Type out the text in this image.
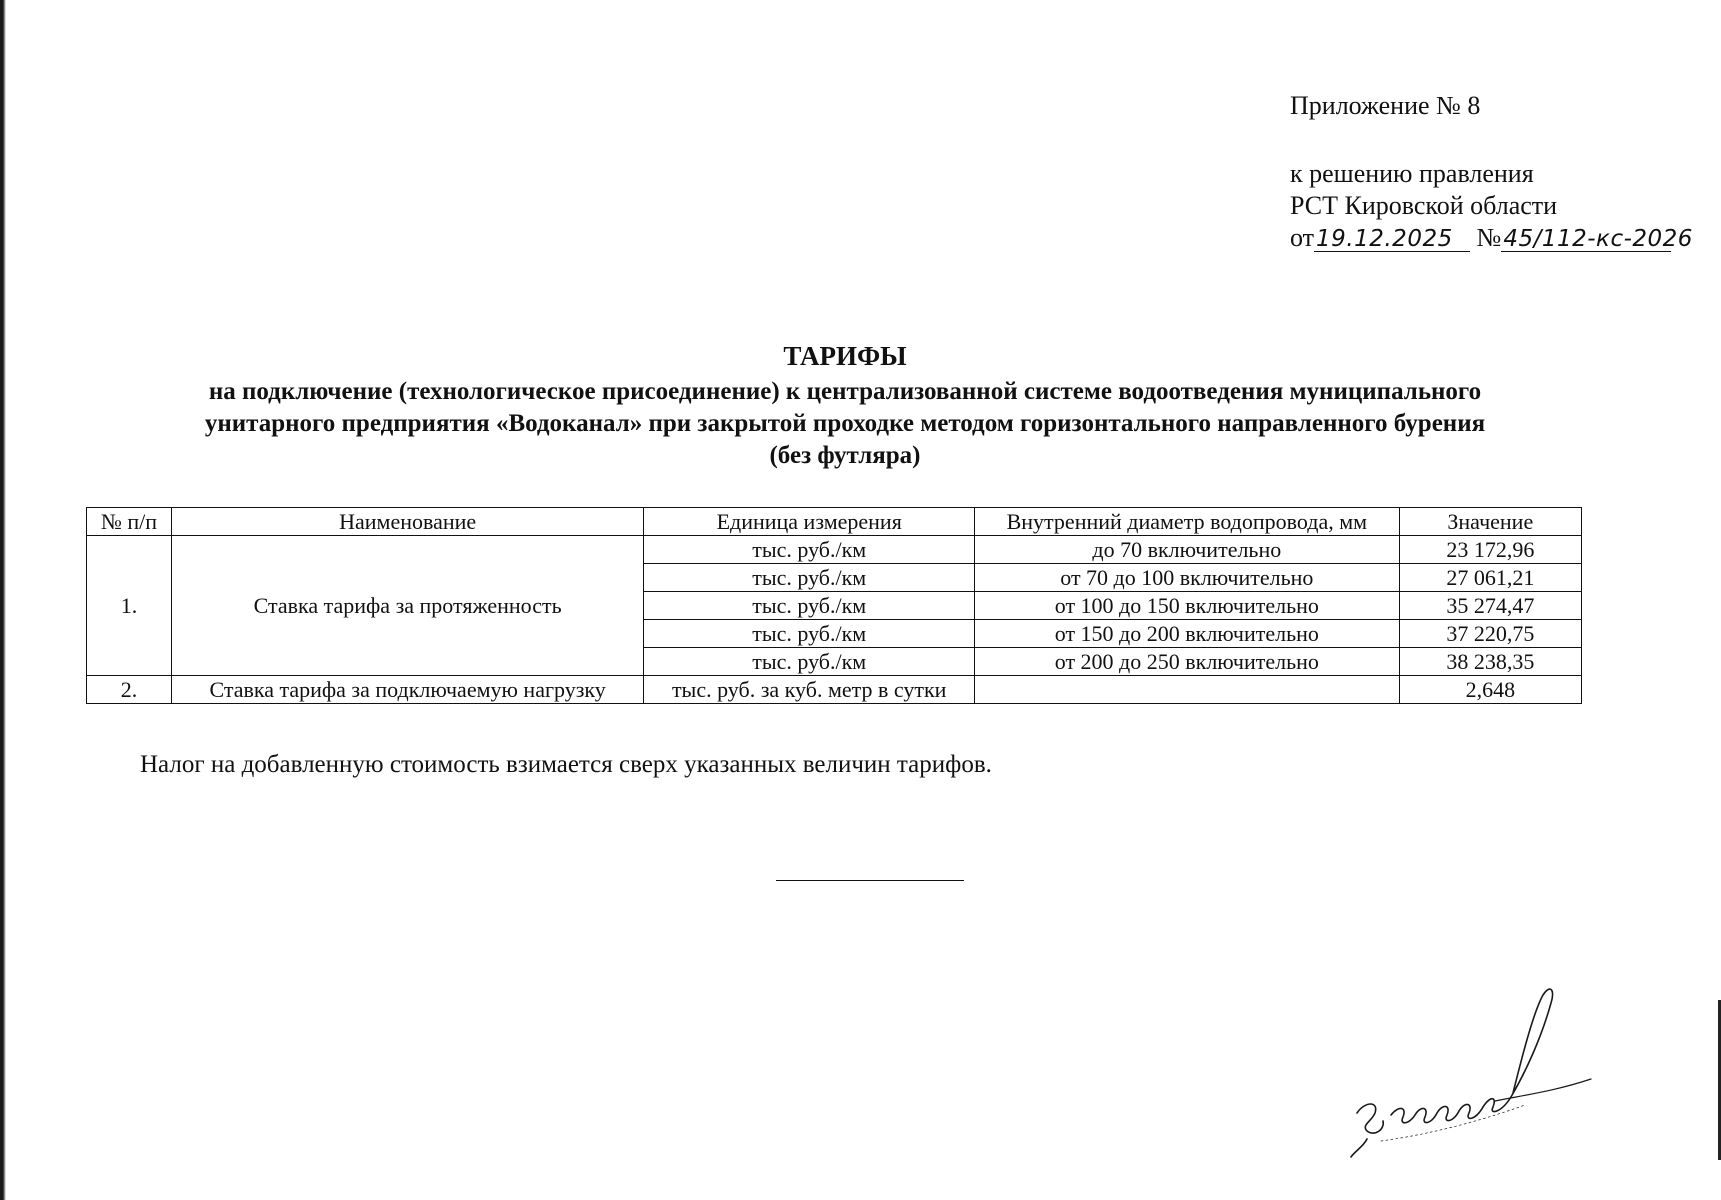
Приложение № 8
к решению правления
РСТ Кировской области
от19.12.2025 №45/112-кс-2026
ТАРИФЫ
на подключение (технологическое присоединение) к централизованной системе водоотведения муниципального
унитарного предприятия «Водоканал» при закрытой проходке методом горизонтального направленного бурения
(без футляра)
№ п/п	Наименование	Единица измерения	Внутренний диаметр водопровода, мм	Значение
1.	Ставка тарифа за протяженность	тыс. руб./км	до 70 включительно	23 172,96
		тыс. руб./км	от 70 до 100 включительно	27 061,21
		тыс. руб./км	от 100 до 150 включительно	35 274,47
		тыс. руб./км	от 150 до 200 включительно	37 220,75
		тыс. руб./км	от 200 до 250 включительно	38 238,35
2.	Ставка тарифа за подключаемую нагрузку	тыс. руб. за куб. метр в сутки		2,648
Налог на добавленную стоимость взимается сверх указанных величин тарифов.
